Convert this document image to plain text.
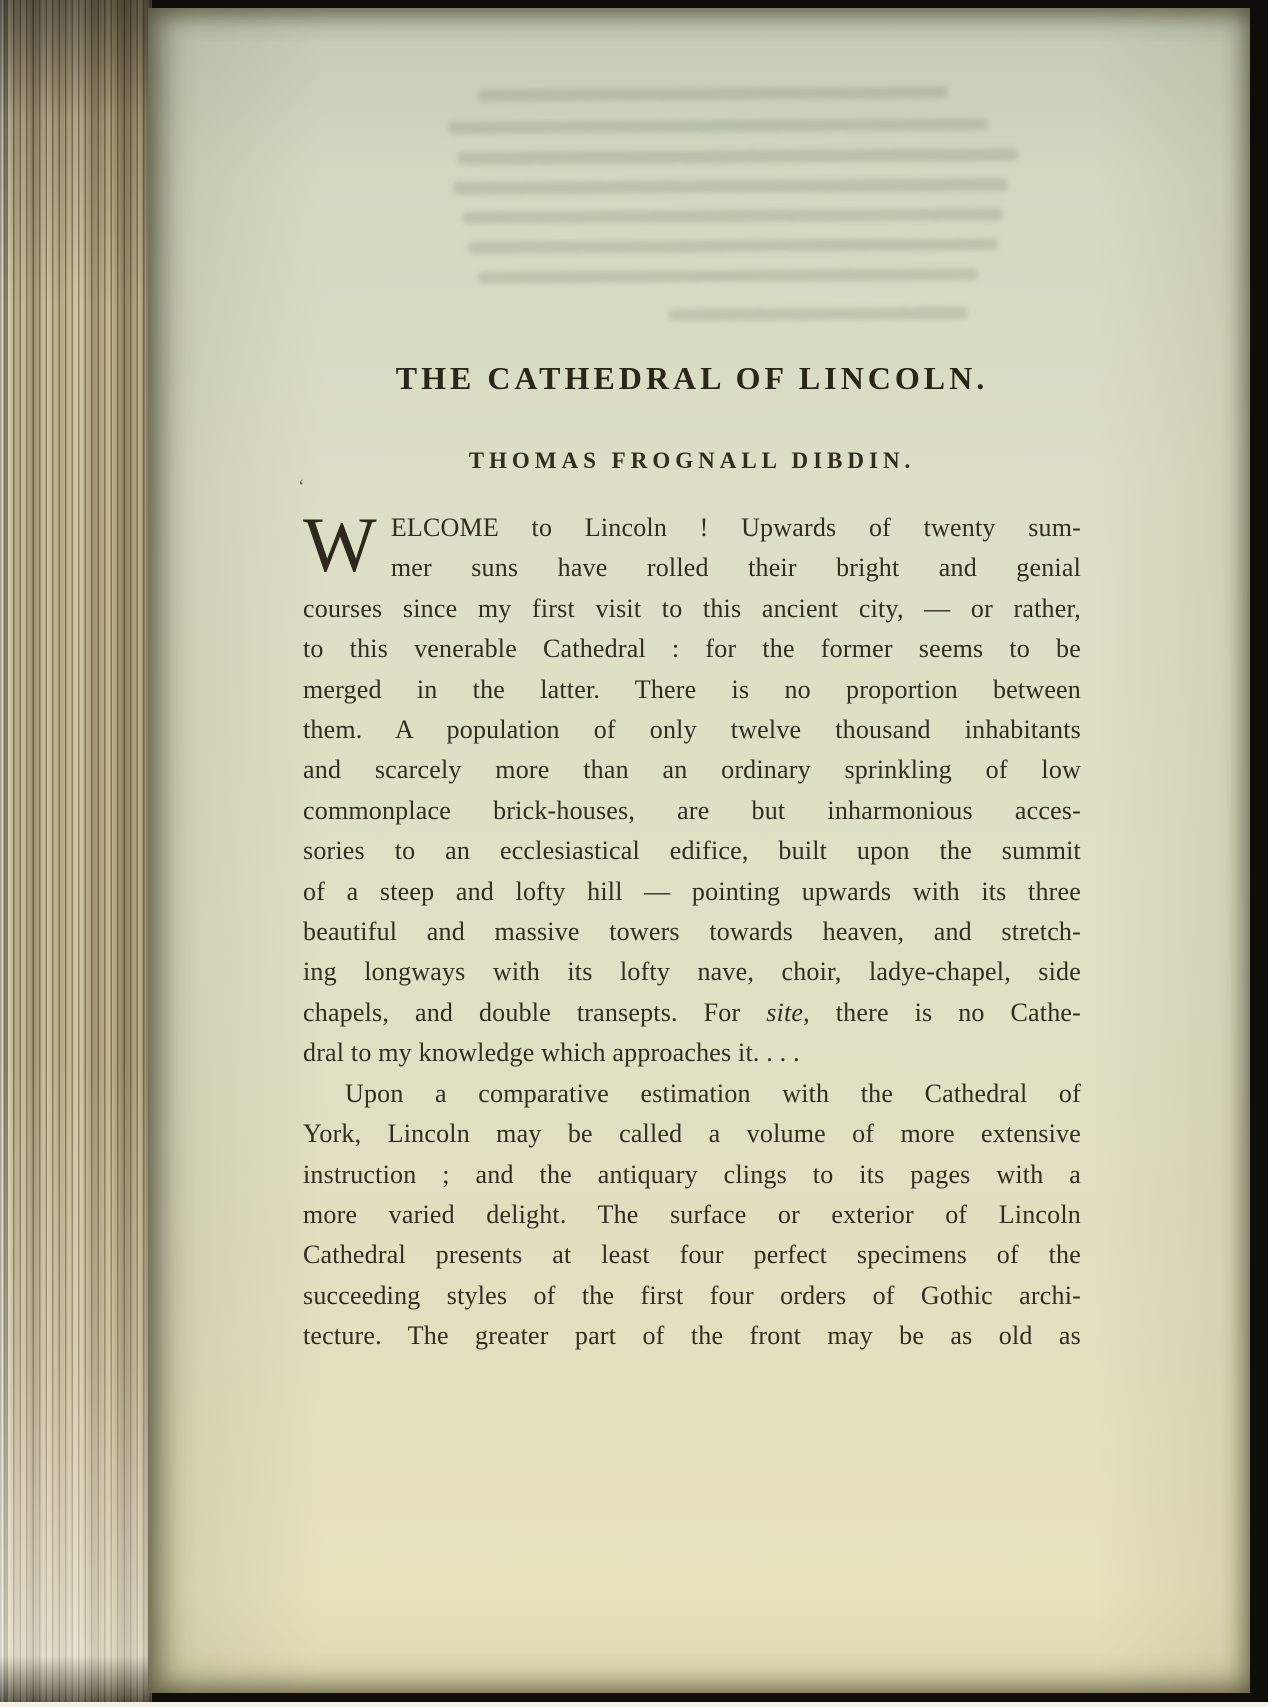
THE CATHEDRAL OF LINCOLN.
THOMAS FROGNALL DIBDIN.
‘
W ELCOME to Lincoln ! Upwards of twenty sum-
mer suns have rolled their bright and genial
courses since my first visit to this ancient city, — or rather,
to this venerable Cathedral : for the former seems to be
merged in the latter. There is no proportion between
them. A population of only twelve thousand inhabitants
and scarcely more than an ordinary sprinkling of low
commonplace brick-houses, are but inharmonious acces-
sories to an ecclesiastical edifice, built upon the summit
of a steep and lofty hill — pointing upwards with its three
beautiful and massive towers towards heaven, and stretch-
ing longways with its lofty nave, choir, ladye-chapel, side
chapels, and double transepts. For site, there is no Cathe-
dral to my knowledge which approaches it. . . .
Upon a comparative estimation with the Cathedral of
York, Lincoln may be called a volume of more extensive
instruction ; and the antiquary clings to its pages with a
more varied delight. The surface or exterior of Lincoln
Cathedral presents at least four perfect specimens of the
succeeding styles of the first four orders of Gothic archi-
tecture. The greater part of the front may be as old as
